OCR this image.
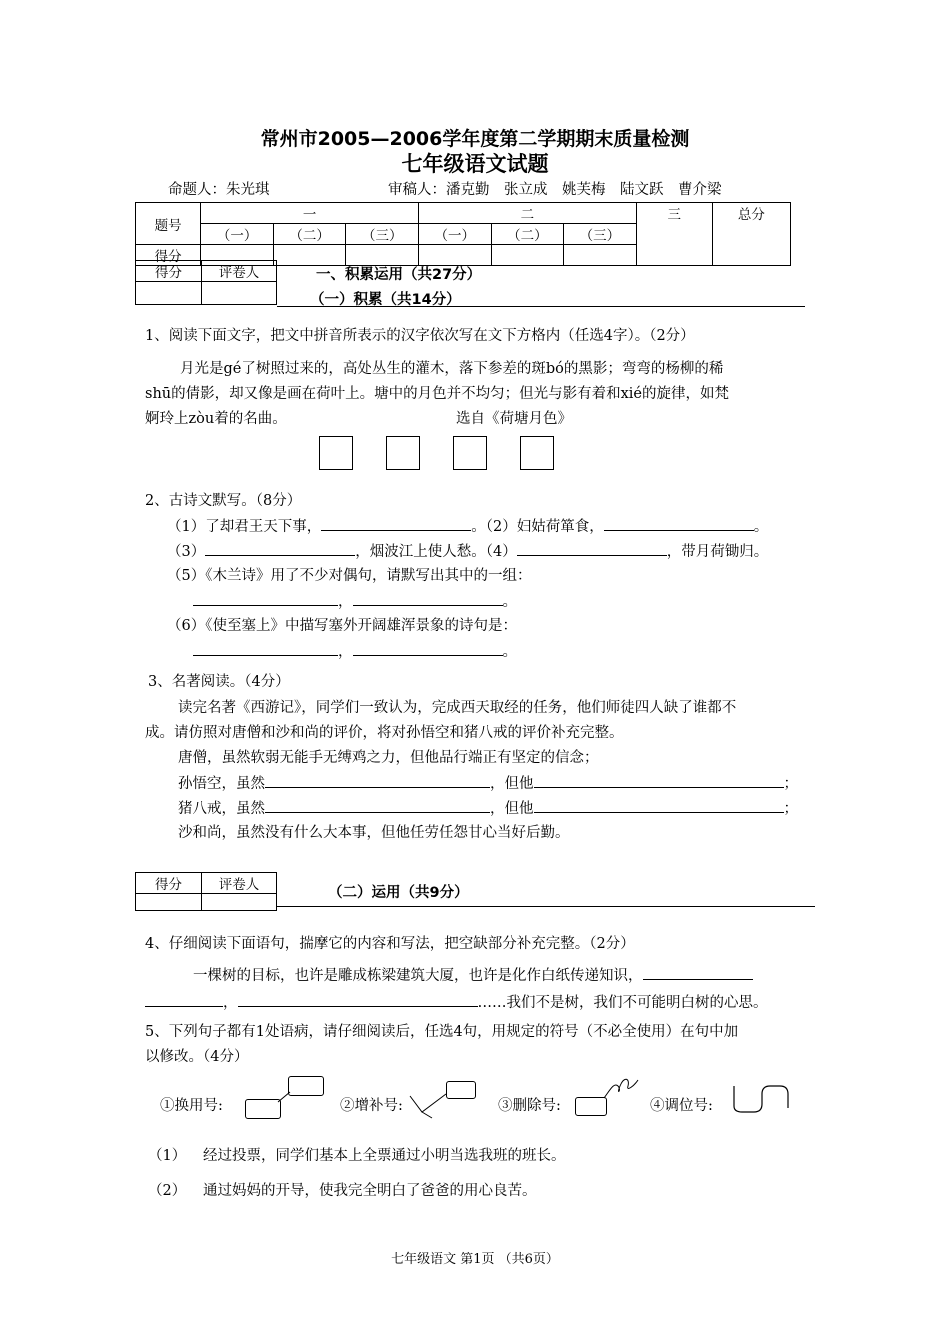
常州市2005—2006学年度第二学期期末质量检测
七年级语文试题
命题人：朱光琪	审稿人：潘克勤　张立成　姚芙梅　陆文跃　曹介梁
题号	一			二			三	总分
	（一）	（二）	（三）	（一）	（二）	（三）		
得分								
得分	评卷人
		一、积累运用（共27分）
（一）积累（共14分）
1、阅读下面文字，把文中拼音所表示的汉字依次写在文下方格内（任选4字）。（2分）
月光是gé了树照过来的，高处丛生的灌木，落下参差的斑bó的黑影；弯弯的杨柳的稀
shū的倩影，却又像是画在荷叶上。塘中的月色并不均匀；但光与影有着和xié的旋律，如梵
婀玲上zòu着的名曲。	选自《荷塘月色》
2、古诗文默写。（8分）
（1）了却君王天下事，	。（2）妇姑荷箪食，	。
（3）	，烟波江上使人愁。（4）	，带月荷锄归。
（5）《木兰诗》用了不少对偶句，请默写出其中的一组：
，	。
（6）《使至塞上》中描写塞外开阔雄浑景象的诗句是：
，	。
3、名著阅读。（4分）
读完名著《西游记》，同学们一致认为，完成西天取经的任务，他们师徒四人缺了谁都不
成。请仿照对唐僧和沙和尚的评价，将对孙悟空和猪八戒的评价补充完整。
唐僧，虽然软弱无能手无缚鸡之力，但他品行端正有坚定的信念；
孙悟空，虽然	，但他	；
猪八戒，虽然	，但他	；
沙和尚，虽然没有什么大本事，但他任劳任怨甘心当好后勤。
得分	评卷人
		（二）运用（共9分）
4、仔细阅读下面语句，揣摩它的内容和写法，把空缺部分补充完整。（2分）
一棵树的目标，也许是雕成栋梁建筑大厦，也许是化作白纸传递知识，
，	……我们不是树，我们不可能明白树的心思。
5、下列句子都有1处语病，请仔细阅读后，任选4句，用规定的符号（不必全使用）在句中加
以修改。（4分）
①换用号:	②增补号:	③删除号:	④调位号:
（1） 经过投票，同学们基本上全票通过小明当选我班的班长。
（2） 通过妈妈的开导，使我完全明白了爸爸的用心良苦。
七年级语文 第1页 （共6页）
